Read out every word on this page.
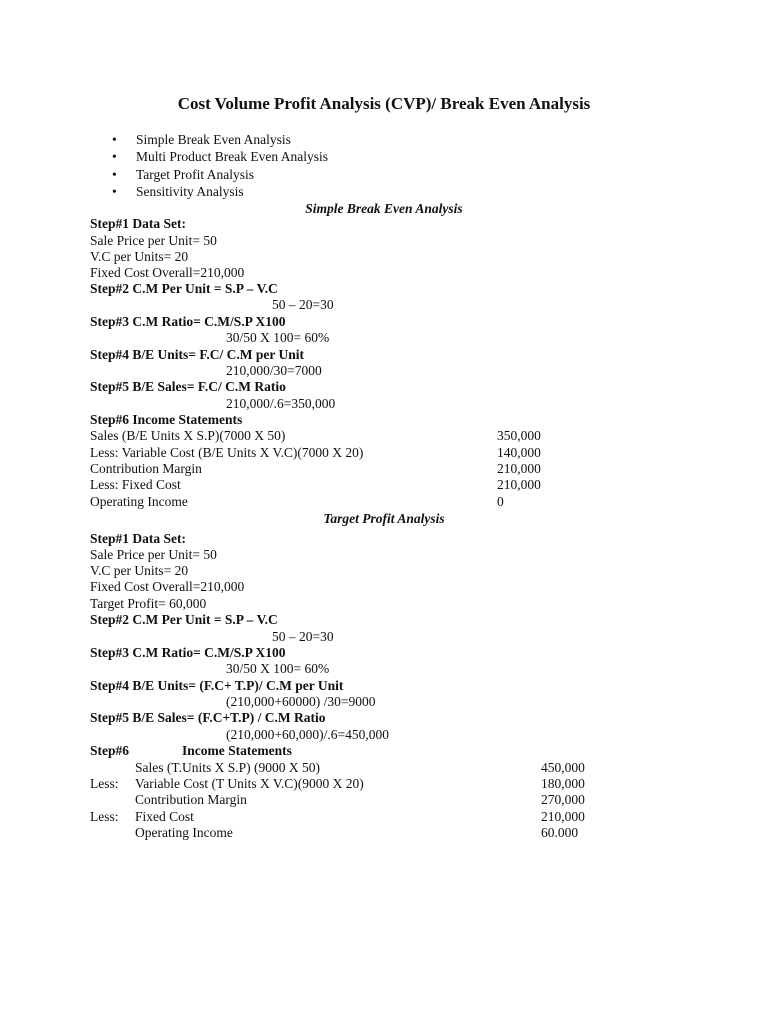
Cost Volume Profit Analysis (CVP)/ Break Even Analysis
• Simple Break Even Analysis
• Multi Product Break Even Analysis
• Target Profit Analysis
• Sensitivity Analysis
Simple Break Even Analysis
Step#1 Data Set:
Sale Price per Unit= 50
V.C per Units= 20
Fixed Cost Overall=210,000
Step#2 C.M Per Unit = S.P – V.C
50 – 20=30
Step#3 C.M Ratio= C.M/S.P X100
30/50 X 100= 60%
Step#4 B/E Units= F.C/ C.M per Unit
210,000/30=7000
Step#5 B/E Sales= F.C/ C.M Ratio
210,000/.6=350,000
Step#6 Income Statements
Sales (B/E Units X S.P)(7000 X 50)	350,000
Less: Variable Cost (B/E Units X V.C)(7000 X 20)	140,000
Contribution Margin	210,000
Less: Fixed Cost	210,000
Operating Income	0
Target Profit Analysis
Step#1 Data Set:
Sale Price per Unit= 50
V.C per Units= 20
Fixed Cost Overall=210,000
Target Profit= 60,000
Step#2 C.M Per Unit = S.P – V.C
50 – 20=30
Step#3 C.M Ratio= C.M/S.P X100
30/50 X 100= 60%
Step#4 B/E Units= (F.C+ T.P)/ C.M per Unit
(210,000+60000) /30=9000
Step#5 B/E Sales= (F.C+T.P) / C.M Ratio
(210,000+60,000)/.6=450,000
Step#6	Income Statements
Sales (T.Units X S.P) (9000 X 50)	450,000
Less: Variable Cost (T Units X V.C)(9000 X 20)	180,000
Contribution Margin	270,000
Less: Fixed Cost	210,000
Operating Income	60.000
